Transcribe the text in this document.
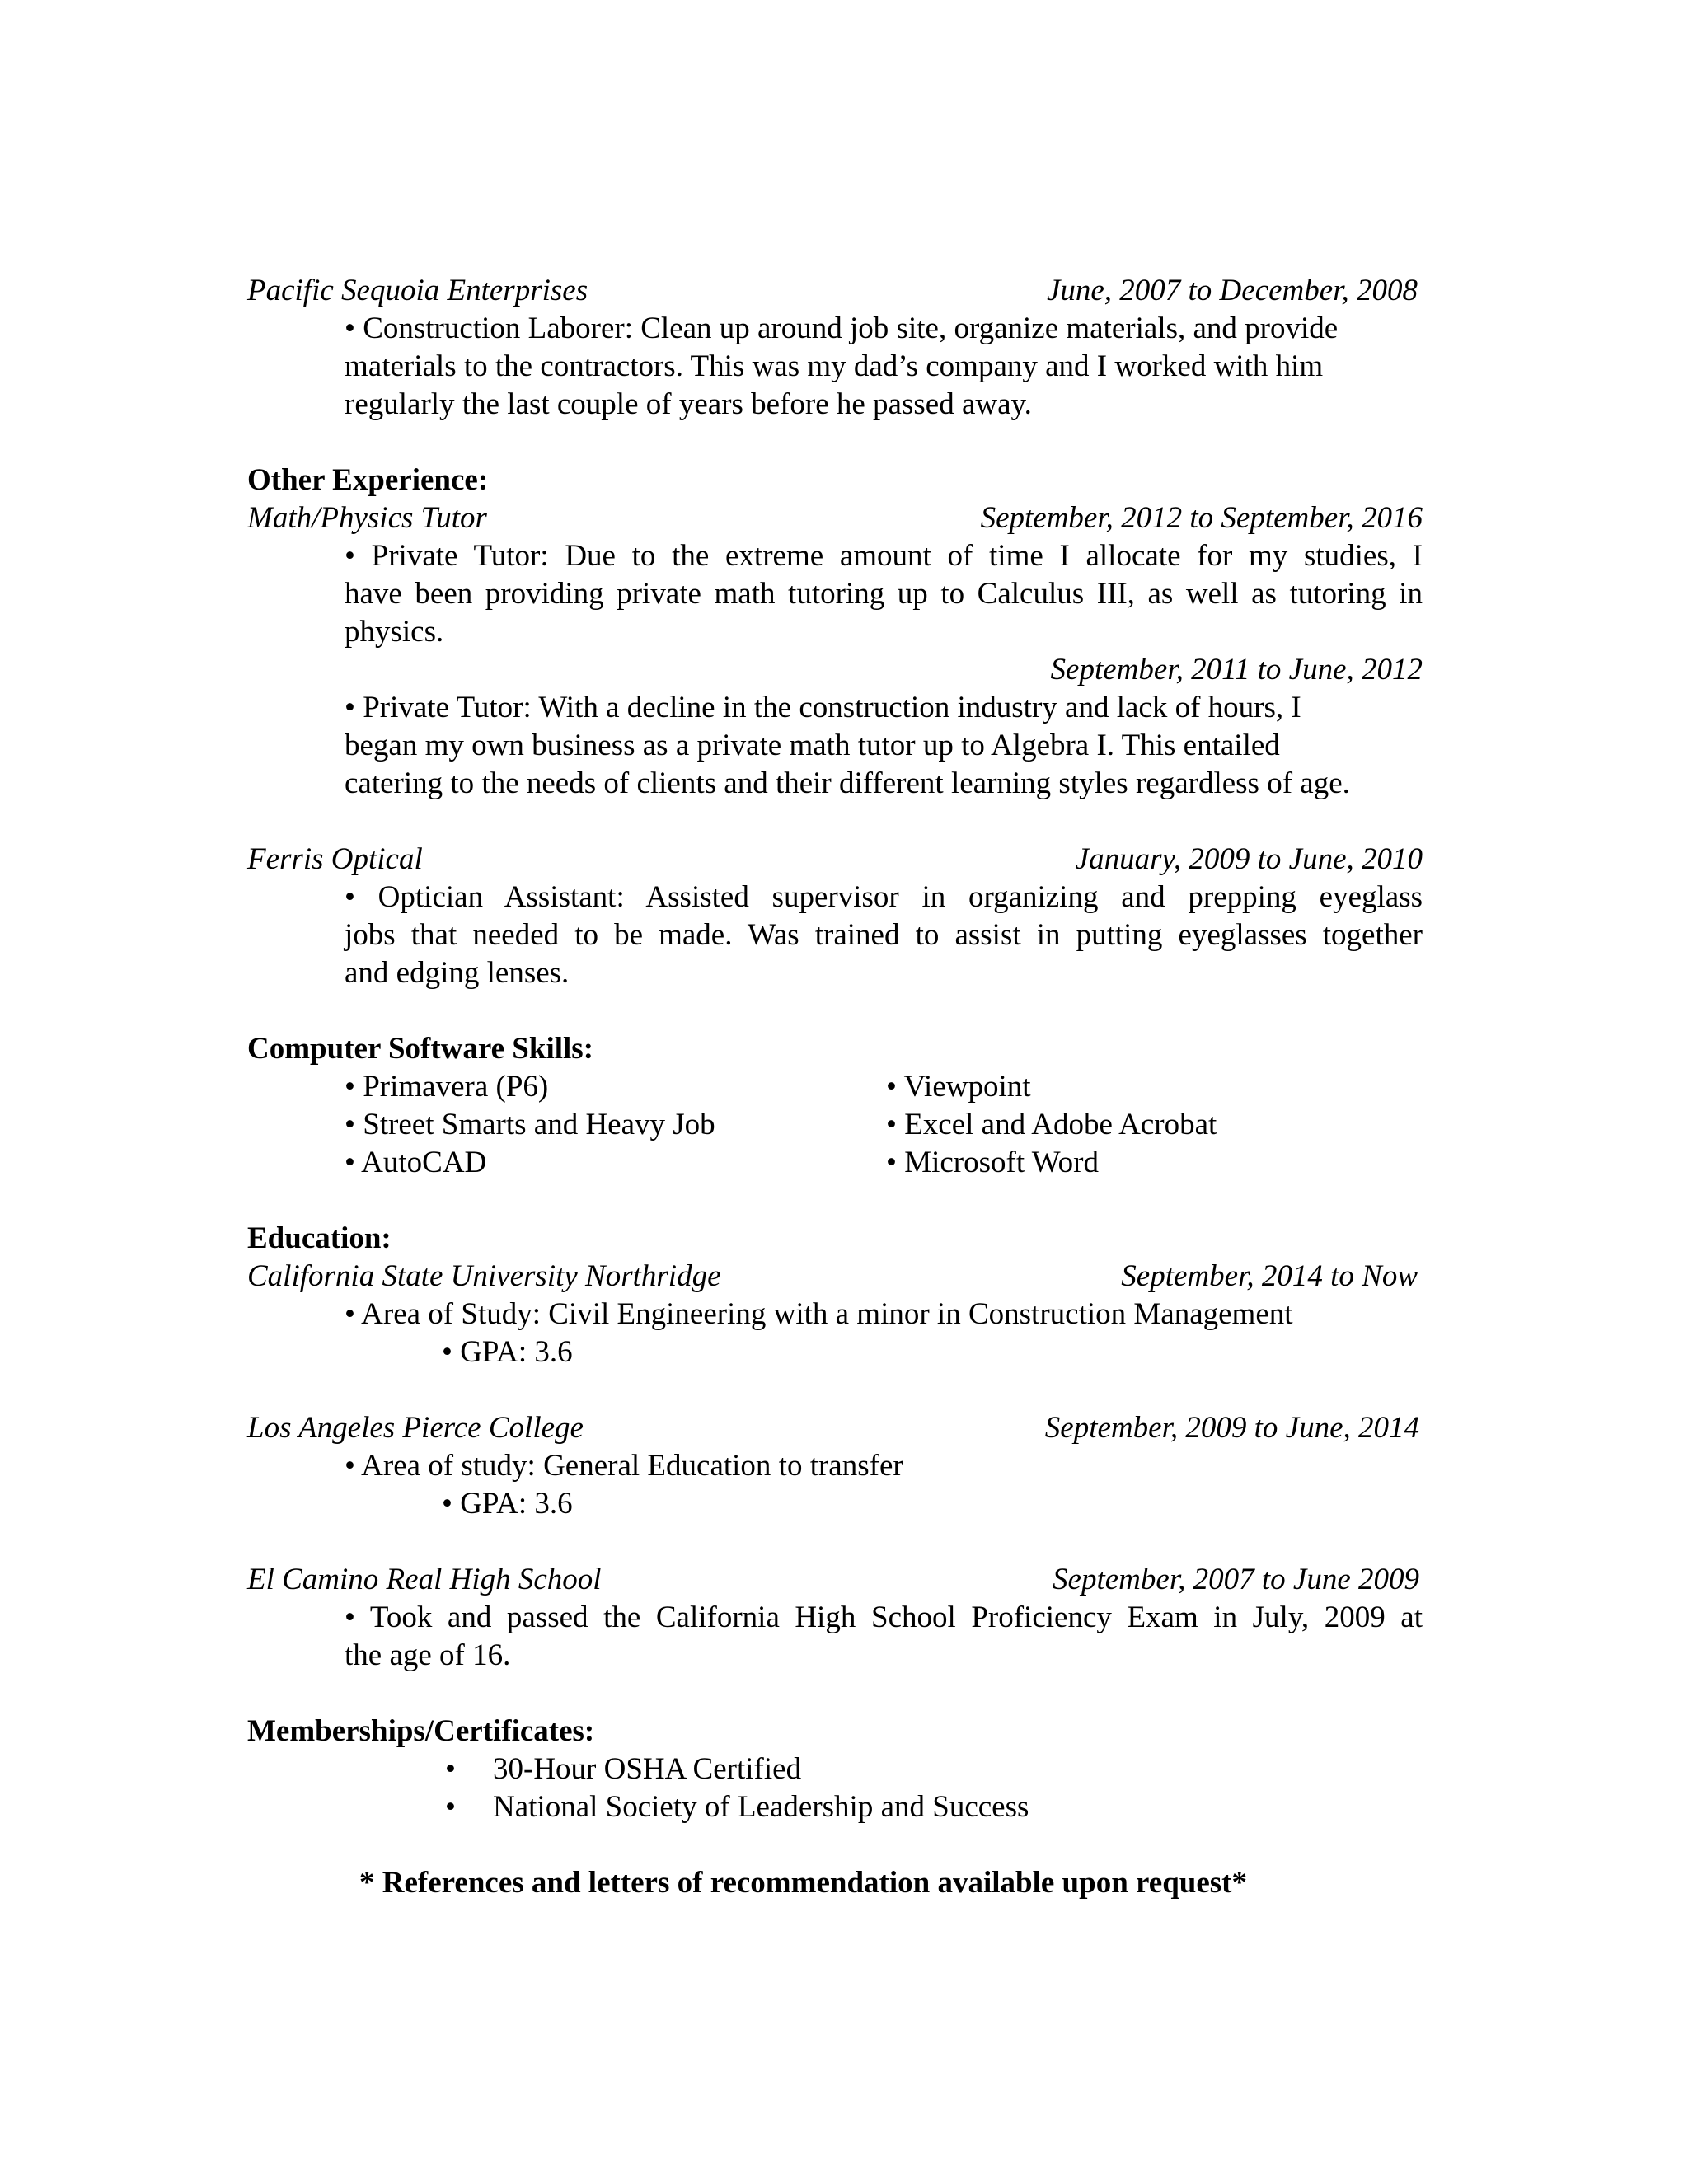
Pacific Sequoia Enterprises	June, 2007 to December, 2008
• Construction Laborer: Clean up around job site, organize materials, and provide
materials to the contractors. This was my dad’s company and I worked with him
regularly the last couple of years before he passed away.
Other Experience:
Math/Physics Tutor	September, 2012 to September, 2016
• Private Tutor: Due to the extreme amount of time I allocate for my studies, I
have been providing private math tutoring up to Calculus III, as well as tutoring in
physics.
September, 2011 to June, 2012
• Private Tutor: With a decline in the construction industry and lack of hours, I
began my own business as a private math tutor up to Algebra I. This entailed
catering to the needs of clients and their different learning styles regardless of age.
Ferris Optical	January, 2009 to June, 2010
• Optician Assistant: Assisted supervisor in organizing and prepping eyeglass
jobs that needed to be made. Was trained to assist in putting eyeglasses together
and edging lenses.
Computer Software Skills:
• Primavera (P6)
• Street Smarts and Heavy Job
• AutoCAD
• Viewpoint
• Excel and Adobe Acrobat
• Microsoft Word
Education:
California State University Northridge	September, 2014 to Now
• Area of Study: Civil Engineering with a minor in Construction Management
• GPA: 3.6
Los Angeles Pierce College	September, 2009 to June, 2014
• Area of study: General Education to transfer
• GPA: 3.6
El Camino Real High School	September, 2007 to June 2009
• Took and passed the California High School Proficiency Exam in July, 2009 at
the age of 16.
Memberships/Certificates:
• 30-Hour OSHA Certified
• National Society of Leadership and Success
* References and letters of recommendation available upon request*
